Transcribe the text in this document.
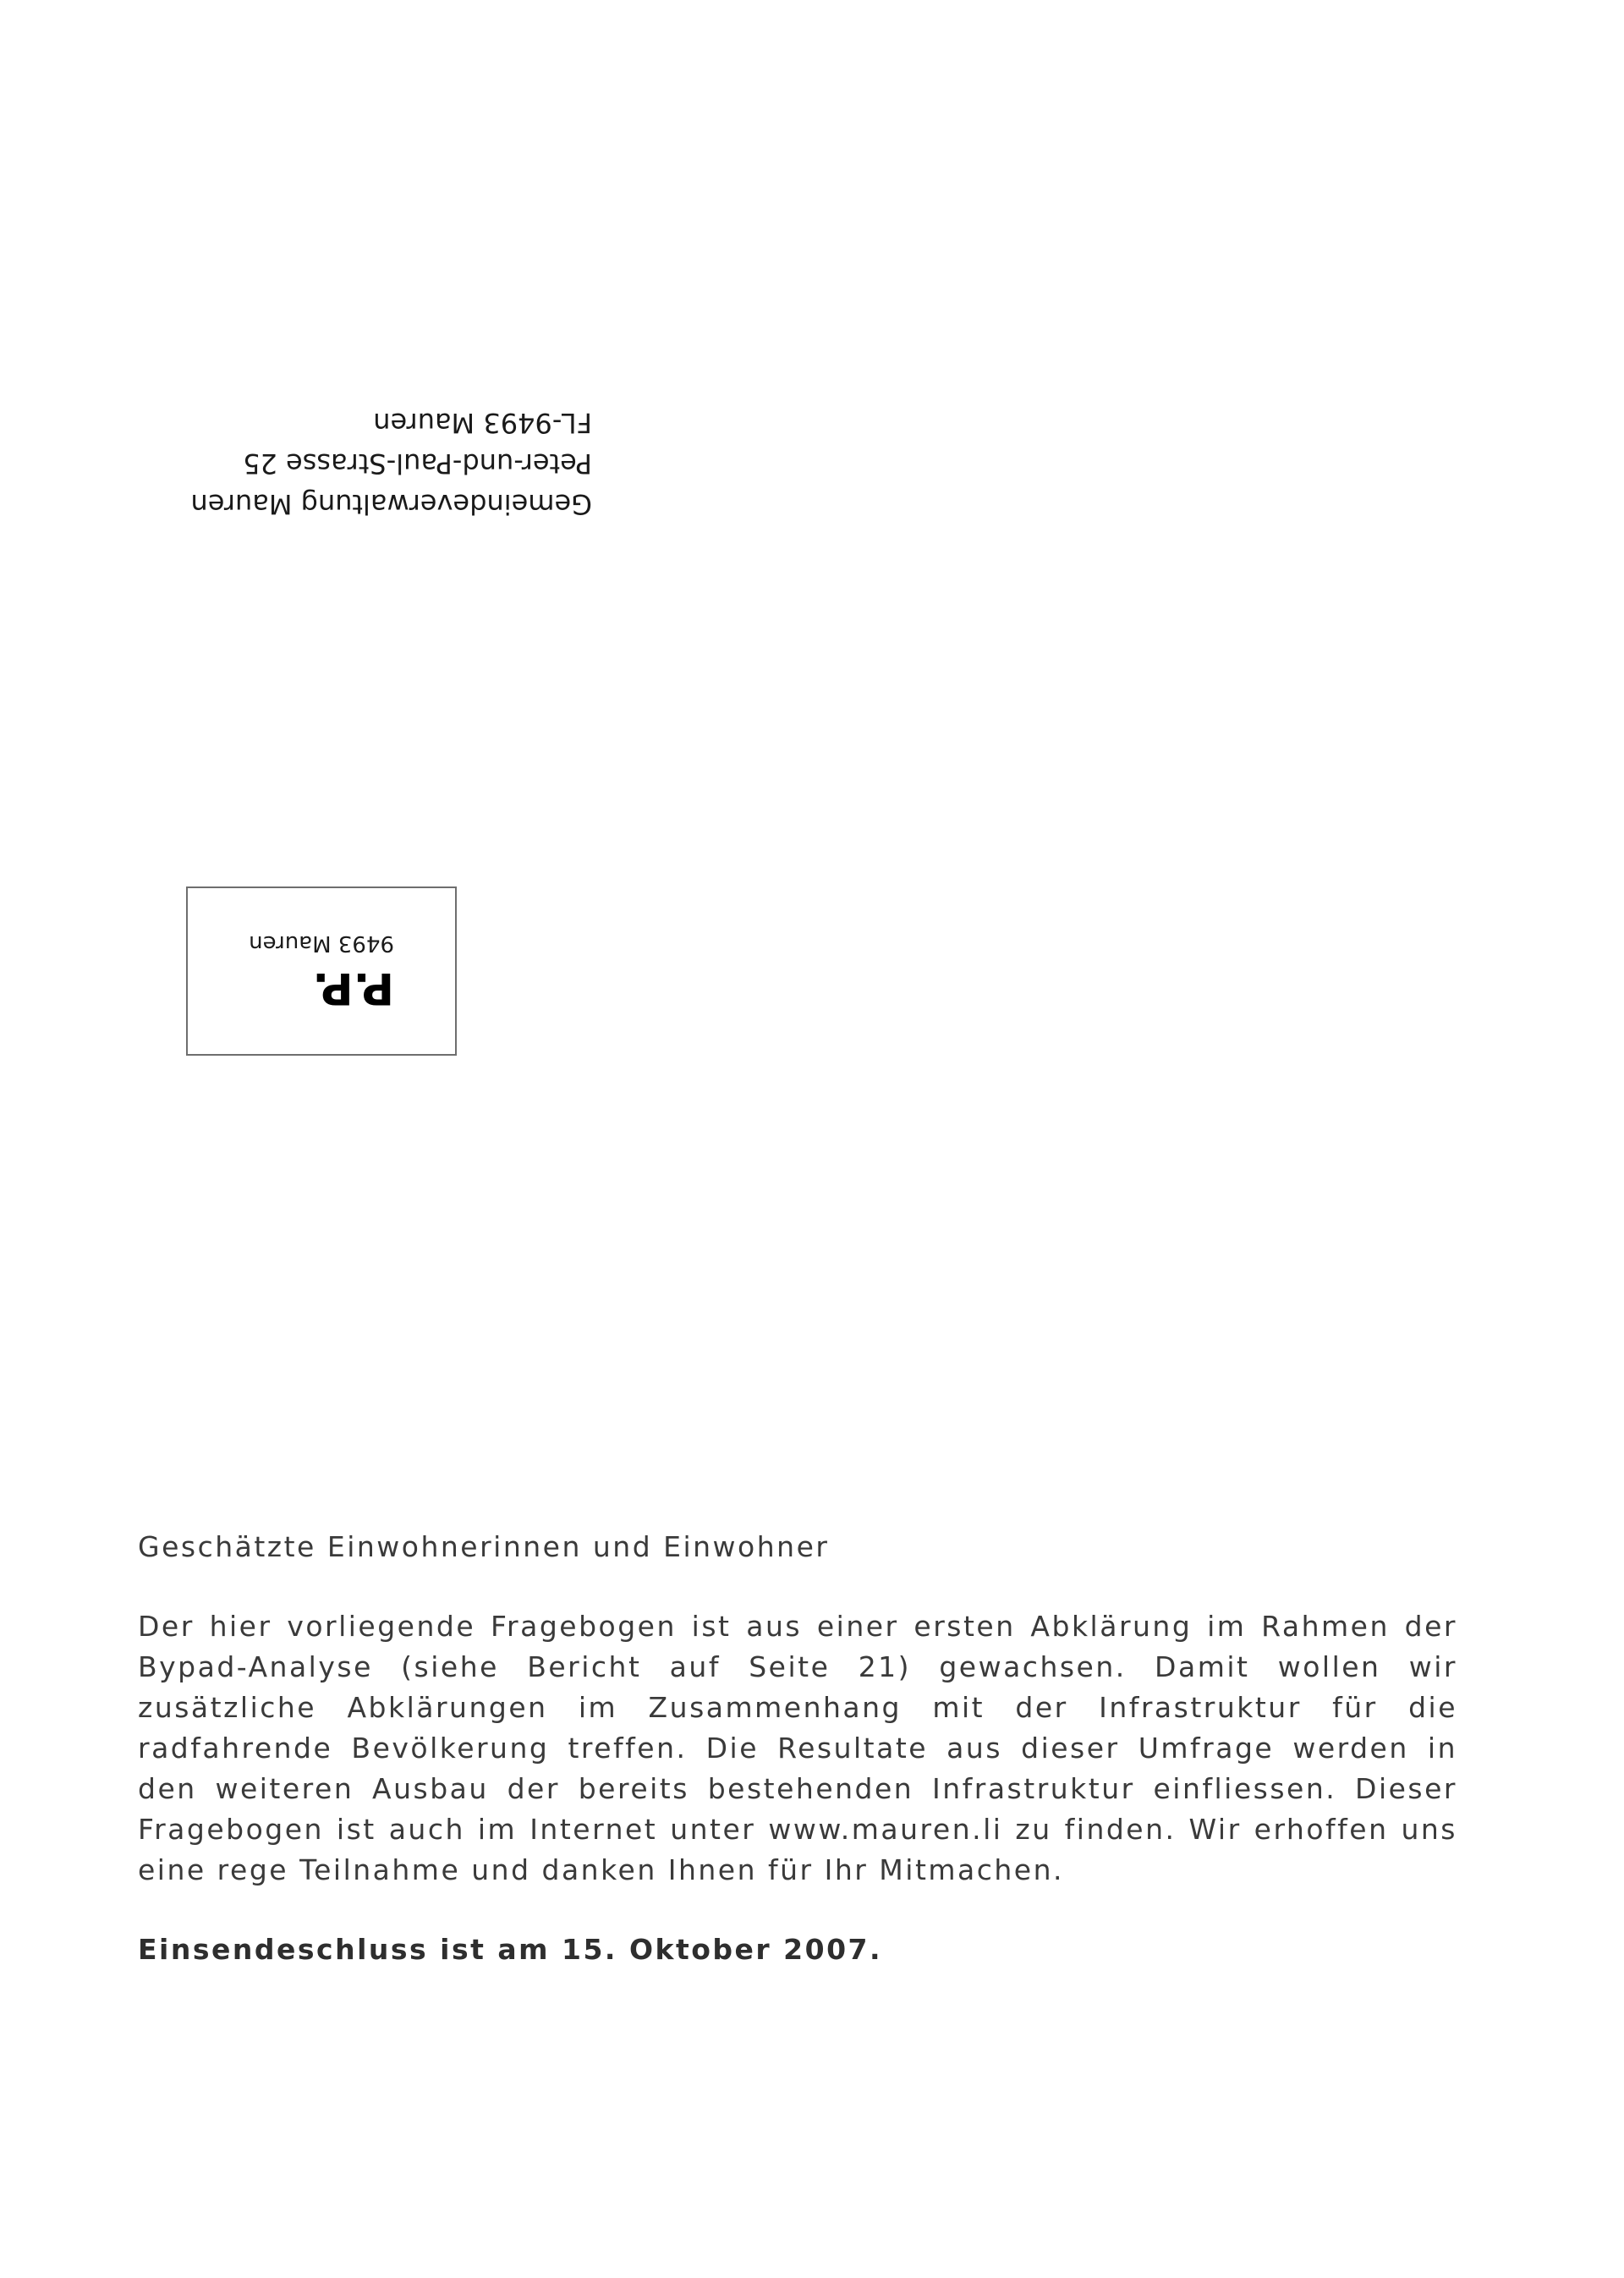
Gemeindeverwaltung Mauren
Peter-und-Paul-Strasse 25
FL-9493 Mauren
P.P.
9493 Mauren

Geschätzte Einwohnerinnen und Einwohner

Der hier vorliegende Fragebogen ist aus einer ersten Abklärung im Rahmen der Bypad-Analyse (siehe Bericht auf Seite 21) gewachsen. Damit wollen wir zusätzliche Abklärungen im Zusammenhang mit der Infrastruktur für die radfahrende Bevölkerung treffen. Die Resultate aus dieser Umfrage werden in den weiteren Ausbau der bereits bestehenden Infrastruktur einfliessen. Dieser Fragebogen ist auch im Internet unter www.mauren.li zu finden. Wir erhoffen uns eine rege Teilnahme und danken Ihnen für Ihr Mitmachen.

Einsendeschluss ist am 15. Oktober 2007.
